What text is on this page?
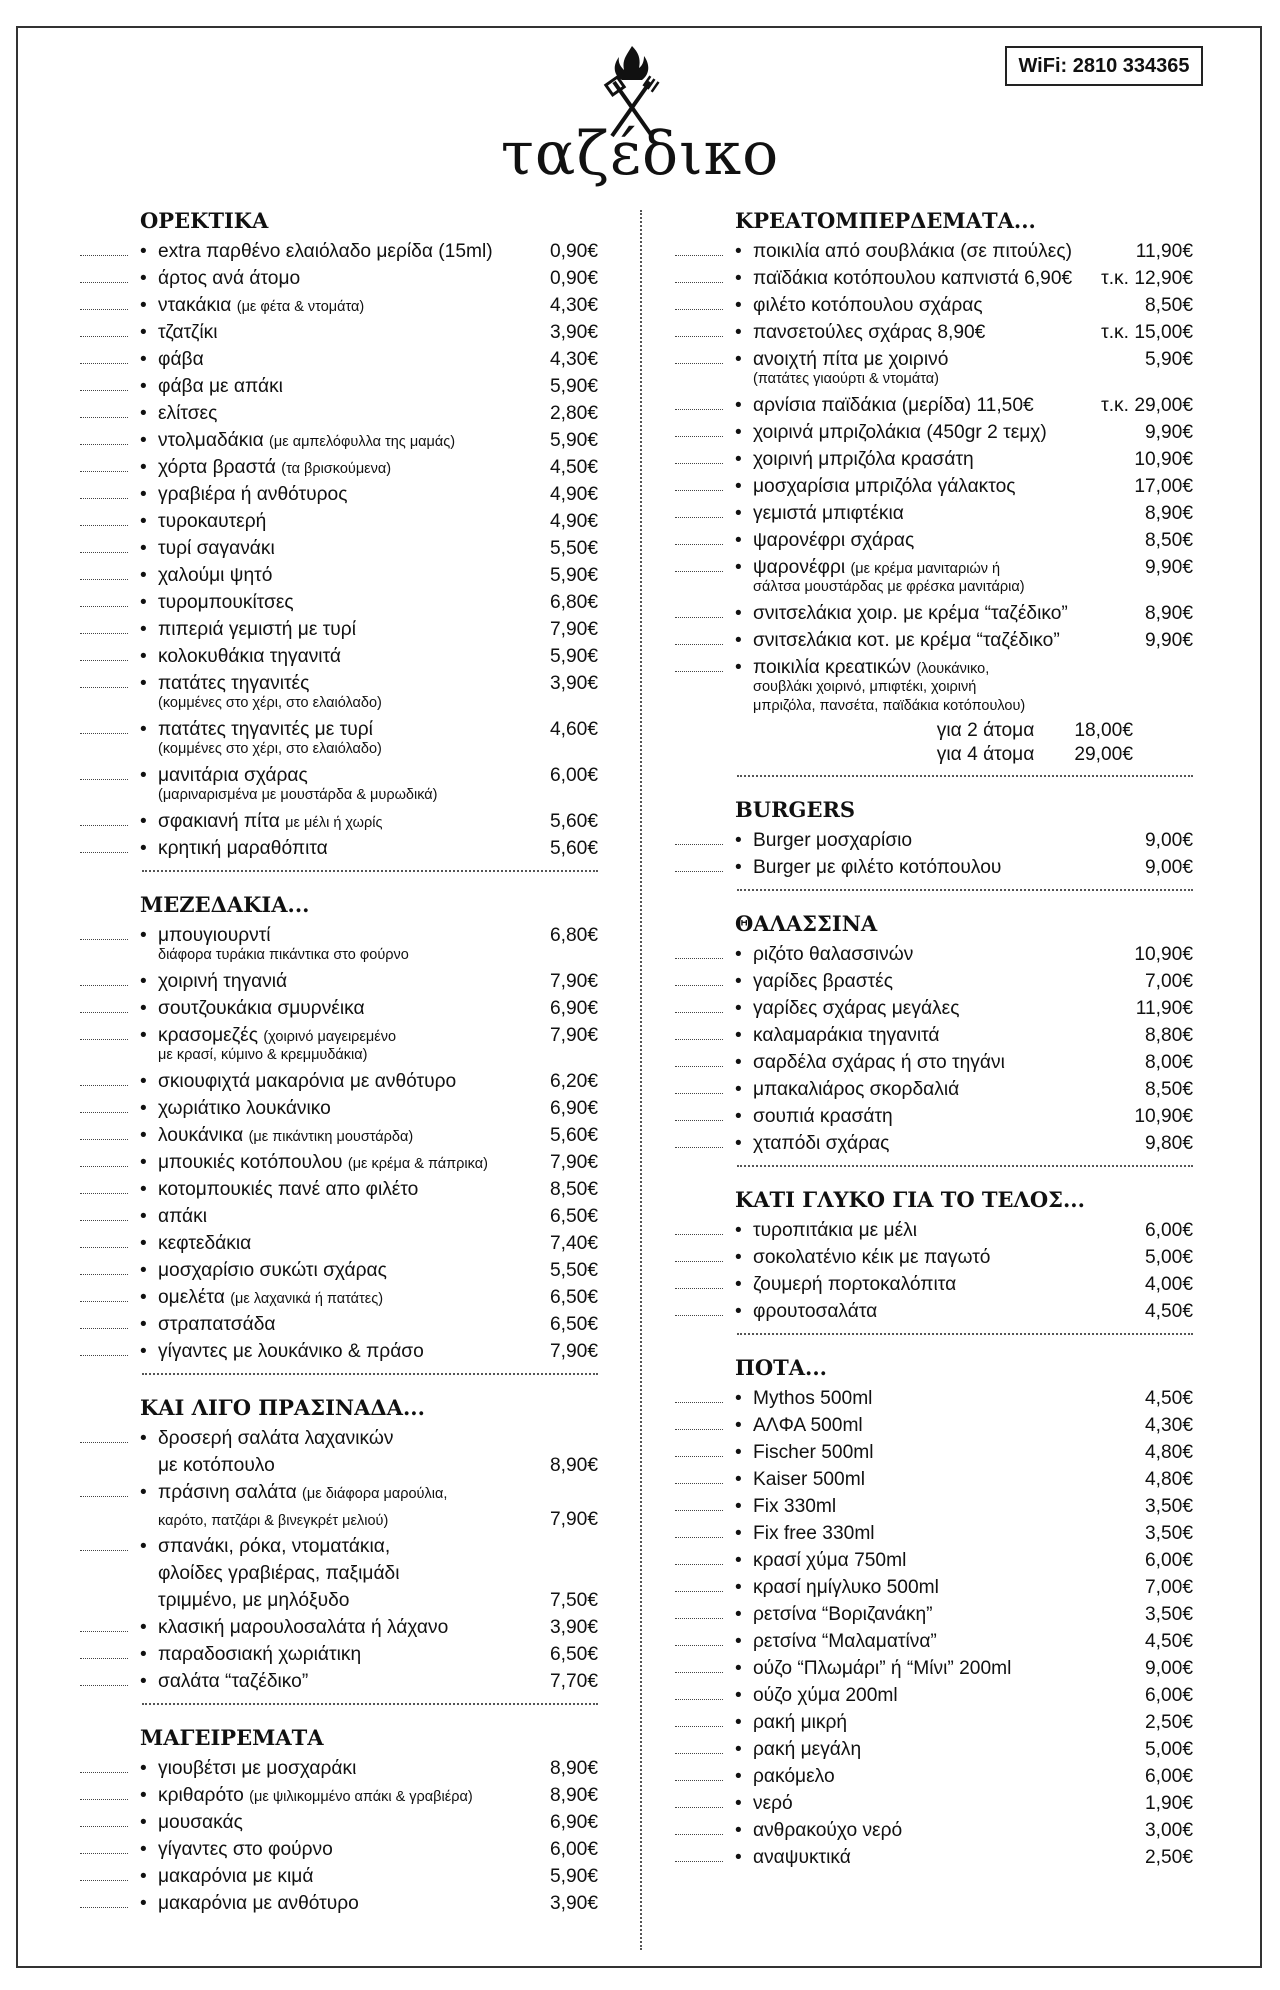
WiFi: 2810 334365
ταζέδικο
ΟΡΕΚΤΙΚΑ
• extra παρθένο ελαιόλαδο μερίδα (15ml)	0,90€
• άρτος ανά άτομο	0,90€
• ντακάκια (με φέτα & ντομάτα)	4,30€
• τζατζίκι	3,90€
• φάβα	4,30€
• φάβα με απάκι	5,90€
• ελίτσες	2,80€
• ντολμαδάκια (με αμπελόφυλλα της μαμάς)	5,90€
• χόρτα βραστά (τα βρισκούμενα)	4,50€
• γραβιέρα ή ανθότυρος	4,90€
• τυροκαυτερή	4,90€
• τυρί σαγανάκι	5,50€
• χαλούμι ψητό	5,90€
• τυρομπουκίτσες	6,80€
• πιπεριά γεμιστή με τυρί	7,90€
• κολοκυθάκια τηγανιτά	5,90€
• πατάτες τηγανιτές	3,90€
(κομμένες στο χέρι, στο ελαιόλαδο)
• πατάτες τηγανιτές με τυρί	4,60€
(κομμένες στο χέρι, στο ελαιόλαδο)
• μανιτάρια σχάρας	6,00€
(μαριναρισμένα με μουστάρδα & μυρωδικά)
• σφακιανή πίτα με μέλι ή χωρίς	5,60€
• κρητική μαραθόπιτα	5,60€
ΜΕΖΕΔΑΚΙΑ...
• μπουγιουρντί	6,80€
διάφορα τυράκια πικάντικα στο φούρνο
• χοιρινή τηγανιά	7,90€
• σουτζουκάκια σμυρνέικα	6,90€
• κρασομεζές (χοιρινό μαγειρεμένο	7,90€
με κρασί, κύμινο & κρεμμυδάκια)
• σκιουφιχτά μακαρόνια με ανθότυρο	6,20€
• χωριάτικο λουκάνικο	6,90€
• λουκάνικα (με πικάντικη μουστάρδα)	5,60€
• μπουκιές κοτόπουλου (με κρέμα & πάπρικα)	7,90€
• κοτομπουκιές πανέ απο φιλέτο	8,50€
• απάκι	6,50€
• κεφτεδάκια	7,40€
• μοσχαρίσιο συκώτι σχάρας	5,50€
• ομελέτα (με λαχανικά ή πατάτες)	6,50€
• στραπατσάδα	6,50€
• γίγαντες με λουκάνικο & πράσο	7,90€
ΚΑΙ ΛΙΓΟ ΠΡΑΣΙΝΑΔΑ...
• δροσερή σαλάτα λαχανικών
με κοτόπουλο	8,90€
• πράσινη σαλάτα (με διάφορα μαρούλια,
καρότο, πατζάρι & βινεγκρέτ μελιού)	7,90€
• σπανάκι, ρόκα, ντοματάκια,
φλοίδες γραβιέρας, παξιμάδι
τριμμένο, με μηλόξυδο	7,50€
• κλασική μαρουλοσαλάτα ή λάχανο	3,90€
• παραδοσιακή χωριάτικη	6,50€
• σαλάτα “ταζέδικο”	7,70€
ΜΑΓΕΙΡΕΜΑΤΑ
• γιουβέτσι με μοσχαράκι	8,90€
• κριθαρότο (με ψιλικομμένο απάκι & γραβιέρα)	8,90€
• μουσακάς	6,90€
• γίγαντες στο φούρνο	6,00€
• μακαρόνια με κιμά	5,90€
• μακαρόνια με ανθότυρο	3,90€
ΚΡΕΑΤΟΜΠΕΡΔΕΜΑΤΑ...
• ποικιλία από σουβλάκια (σε πιτούλες)	11,90€
• παϊδάκια κοτόπουλου καπνιστά 6,90€ τ.κ. 12,90€
• φιλέτο κοτόπουλου σχάρας	8,50€
• πανσετούλες σχάρας 8,90€	τ.κ. 15,00€
• ανοιχτή πίτα με χοιρινό	5,90€
(πατάτες γιαούρτι & ντομάτα)
• αρνίσια παϊδάκια (μερίδα) 11,50€	τ.κ. 29,00€
• χοιρινά μπριζολάκια (450gr 2 τεμχ)	9,90€
• χοιρινή μπριζόλα κρασάτη	10,90€
• μοσχαρίσια μπριζόλα γάλακτος	17,00€
• γεμιστά μπιφτέκια	8,90€
• ψαρονέφρι σχάρας	8,50€
• ψαρονέφρι (με κρέμα μανιταριών ή	9,90€
σάλτσα μουστάρδας με φρέσκα μανιτάρια)
• σνιτσελάκια χοιρ. με κρέμα “ταζέδικο”	8,90€
• σνιτσελάκια κοτ. με κρέμα “ταζέδικο”	9,90€
• ποικιλία κρεατικών (λουκάνικο,
σουβλάκι χοιρινό, μπιφτέκι, χοιρινή
μπριζόλα, πανσέτα, παϊδάκια κοτόπουλου)
για 2 άτομα 18,00€
για 4 άτομα 29,00€
BURGERS
• Burger μοσχαρίσιο	9,00€
• Burger με φιλέτο κοτόπουλου	9,00€
ΘΑΛΑΣΣΙΝΑ
• ριζότο θαλασσινών	10,90€
• γαρίδες βραστές	7,00€
• γαρίδες σχάρας μεγάλες	11,90€
• καλαμαράκια τηγανιτά	8,80€
• σαρδέλα σχάρας ή στο τηγάνι	8,00€
• μπακαλιάρος σκορδαλιά	8,50€
• σουπιά κρασάτη	10,90€
• χταπόδι σχάρας	9,80€
ΚΑΤΙ ΓΛΥΚΟ ΓΙΑ ΤΟ ΤΕΛΟΣ...
• τυροπιτάκια με μέλι	6,00€
• σοκολατένιο κέικ με παγωτό	5,00€
• ζουμερή πορτοκαλόπιτα	4,00€
• φρουτοσαλάτα	4,50€
ΠΟΤΑ...
• Mythos 500ml	4,50€
• ΑΛΦΑ 500ml	4,30€
• Fischer 500ml	4,80€
• Kaiser 500ml	4,80€
• Fix 330ml	3,50€
• Fix free 330ml	3,50€
• κρασί χύμα 750ml	6,00€
• κρασί ημίγλυκο 500ml	7,00€
• ρετσίνα “Βοριζανάκη”	3,50€
• ρετσίνα “Μαλαματίνα”	4,50€
• ούζο “Πλωμάρι” ή “Μίνι” 200ml	9,00€
• ούζο χύμα 200ml	6,00€
• ρακή μικρή	2,50€
• ρακή μεγάλη	5,00€
• ρακόμελο	6,00€
• νερό	1,90€
• ανθρακούχο νερό	3,00€
• αναψυκτικά	2,50€
